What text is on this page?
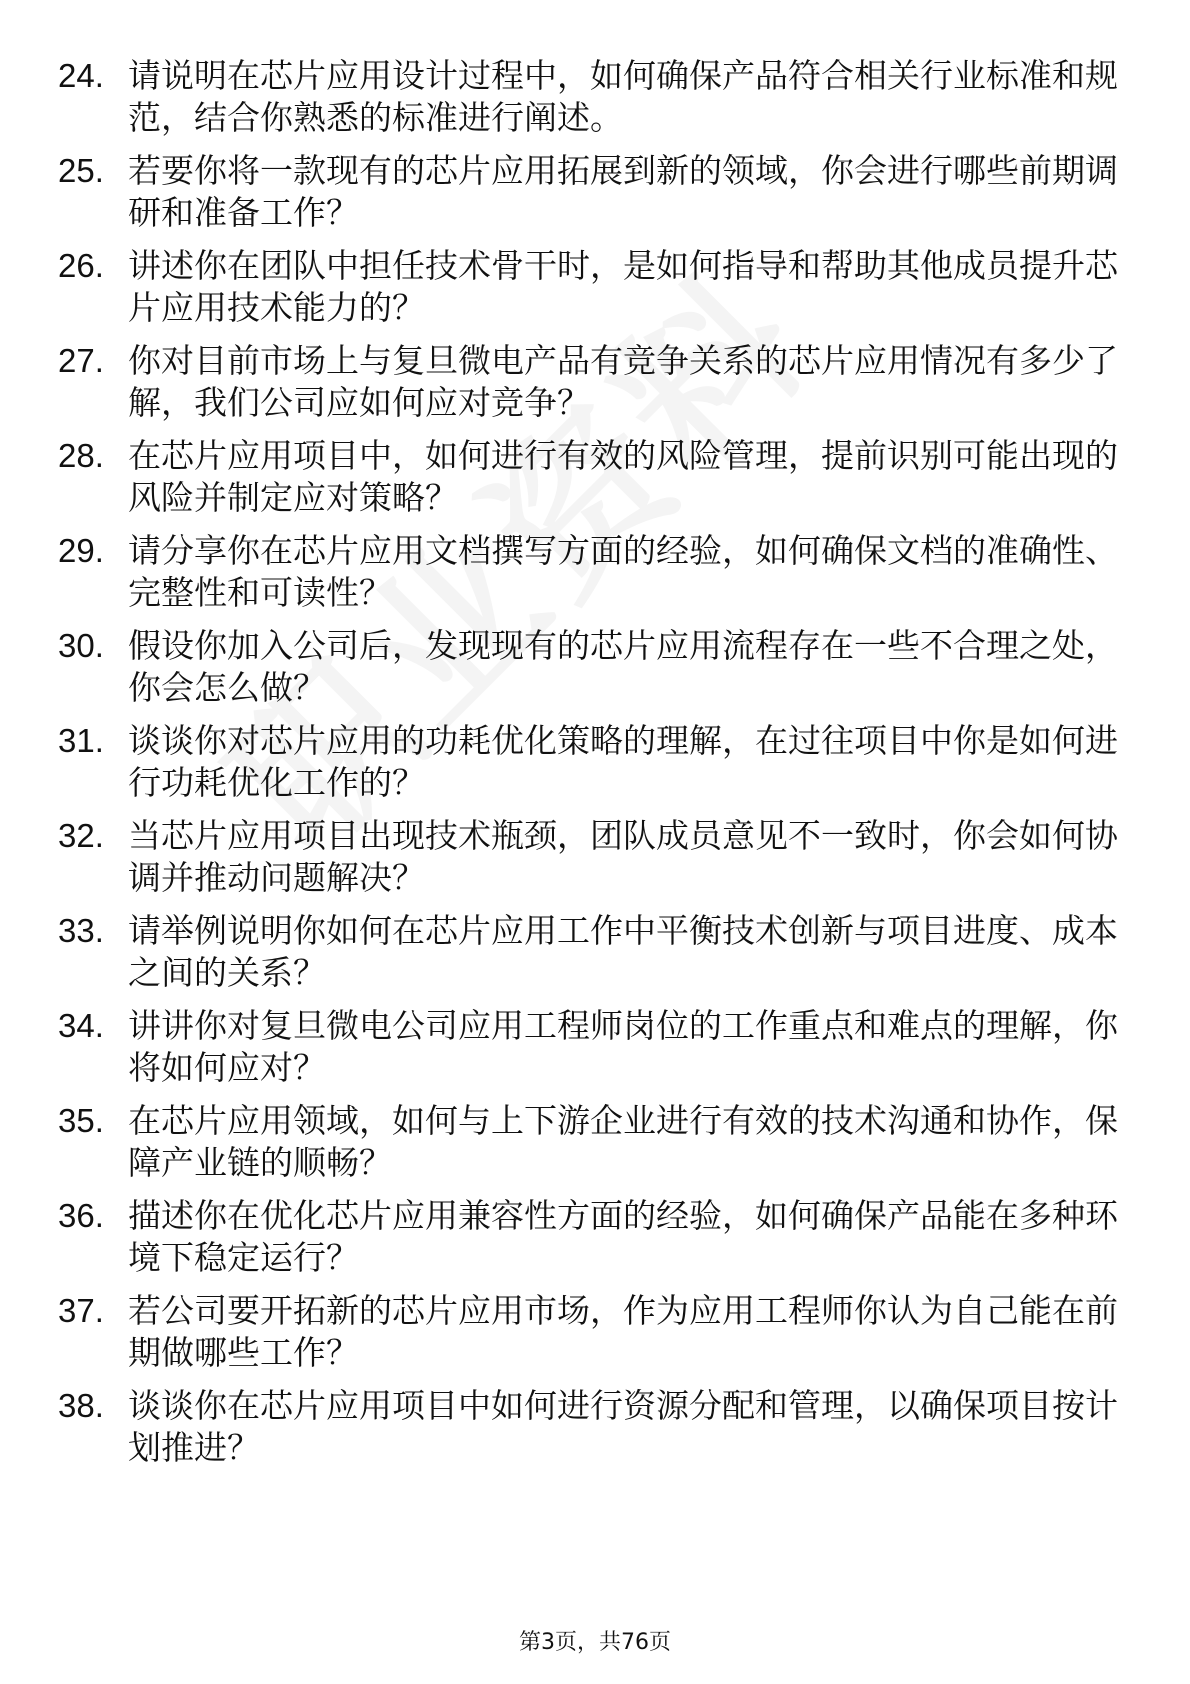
24. 请说明在芯片应用设计过程中，如何确保产品符合相关行业标准和规范，结合你熟悉的标准进行阐述。
25. 若要你将一款现有的芯片应用拓展到新的领域，你会进行哪些前期调研和准备工作？
26. 讲述你在团队中担任技术骨干时，是如何指导和帮助其他成员提升芯片应用技术能力的？
27. 你对目前市场上与复旦微电产品有竞争关系的芯片应用情况有多少了解，我们公司应如何应对竞争？
28. 在芯片应用项目中，如何进行有效的风险管理，提前识别可能出现的风险并制定应对策略？
29. 请分享你在芯片应用文档撰写方面的经验，如何确保文档的准确性、完整性和可读性？
30. 假设你加入公司后，发现现有的芯片应用流程存在一些不合理之处，你会怎么做？
31. 谈谈你对芯片应用的功耗优化策略的理解，在过往项目中你是如何进行功耗优化工作的？
32. 当芯片应用项目出现技术瓶颈，团队成员意见不一致时，你会如何协调并推动问题解决？
33. 请举例说明你如何在芯片应用工作中平衡技术创新与项目进度、成本之间的关系？
34. 讲讲你对复旦微电公司应用工程师岗位的工作重点和难点的理解，你将如何应对？
35. 在芯片应用领域，如何与上下游企业进行有效的技术沟通和协作，保障产业链的顺畅？
36. 描述你在优化芯片应用兼容性方面的经验，如何确保产品能在多种环境下稳定运行？
37. 若公司要开拓新的芯片应用市场，作为应用工程师你认为自己能在前期做哪些工作？
38. 谈谈你在芯片应用项目中如何进行资源分配和管理，以确保项目按计划推进？
第3页，共76页
